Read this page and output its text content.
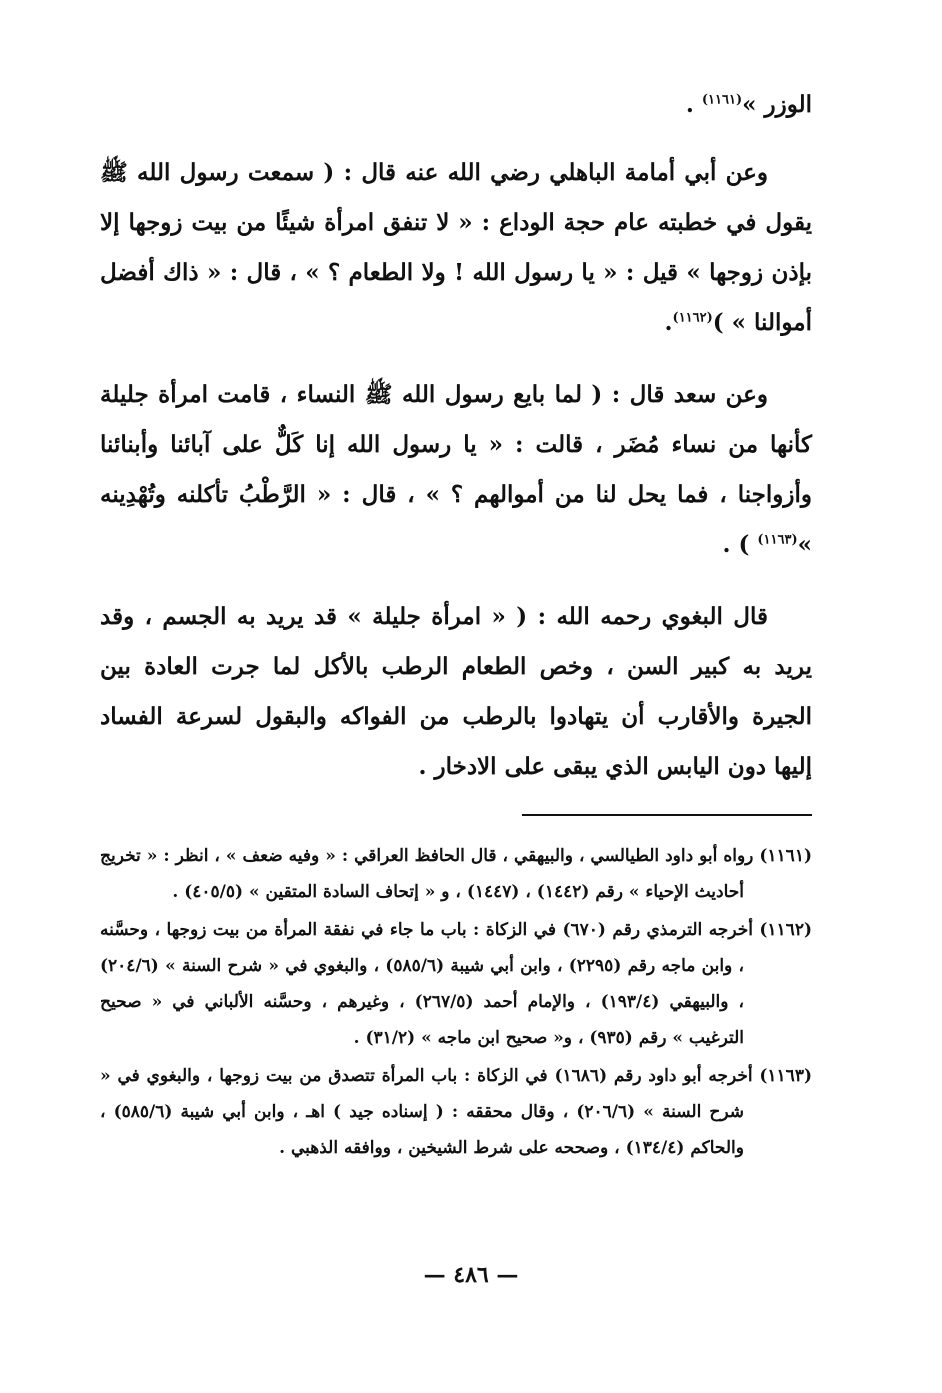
الوزر »$^{(١١٦١)}$ .

وعن أبي أمامة الباهلي رضي الله عنه قال : ( سمعت رسول الله ﷺ يقول في خطبته عام حجة الوداع : « لا تنفق امرأة شيئًا من بيت زوجها إلا بإذن زوجها » قيل : « يا رسول الله ! ولا الطعام ؟ » ، قال : « ذاك أفضل أموالنا » )$^{(١١٦٢)}$.

وعن سعد قال : ( لما بايع رسول الله ﷺ النساء ، قامت امرأة جليلة كأنها من نساء مُضَر ، قالت : « يا رسول الله إنا كَلٌّ على آبائنا وأبنائنا وأزواجنا ، فما يحل لنا من أموالهم ؟ » ، قال : « الرَّطْبُ تأكلنه وتُهْدِينه »$^{(١١٦٣)}$ ) .

قال البغوي رحمه الله : ( « امرأة جليلة » قد يريد به الجسم ، وقد يريد به كبير السن ، وخص الطعام الرطب بالأكل لما جرت العادة بين الجيرة والأقارب أن يتهادوا بالرطب من الفواكه والبقول لسرعة الفساد إليها دون اليابس الذي يبقى على الادخار .

(١١٦١) رواه أبو داود الطيالسي ، والبيهقي ، قال الحافظ العراقي : « وفيه ضعف » ، انظر : « تخريج أحاديث الإحياء » رقم (١٤٤٢) ، (١٤٤٧) ، و « إتحاف السادة المتقين » (٤٠٥/٥) .

(١١٦٢) أخرجه الترمذي رقم (٦٧٠) في الزكاة : باب ما جاء في نفقة المرأة من بيت زوجها ، وحسَّنه ، وابن ماجه رقم (٢٢٩٥) ، وابن أبي شيبة (٥٨٥/٦) ، والبغوي في « شرح السنة » (٢٠٤/٦) ، والبيهقي (١٩٣/٤) ، والإمام أحمد (٢٦٧/٥) ، وغيرهم ، وحسَّنه الألباني في « صحيح الترغيب » رقم (٩٣٥) ، و« صحيح ابن ماجه » (٣١/٢) .

(١١٦٣) أخرجه أبو داود رقم (١٦٨٦) في الزكاة : باب المرأة تتصدق من بيت زوجها ، والبغوي في « شرح السنة » (٢٠٦/٦) ، وقال محققه : ( إسناده جيد ) اهـ ، وابن أبي شيبة (٥٨٥/٦) ، والحاكم (١٣٤/٤) ، وصححه على شرط الشيخين ، ووافقه الذهبي .

— ٤٨٦ —
